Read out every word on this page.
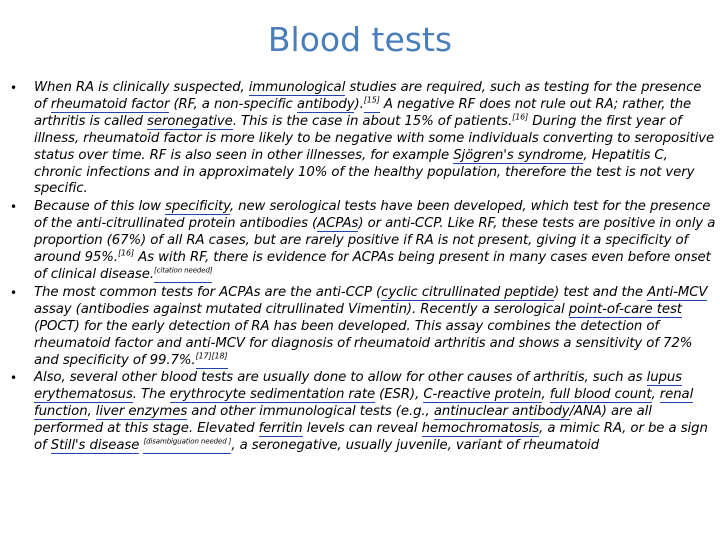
Blood tests
• When RA is clinically suspected, immunological studies are required, such as testing for the presence of rheumatoid factor (RF, a non-specific antibody).[15] A negative RF does not rule out RA; rather, the arthritis is called seronegative. This is the case in about 15% of patients.[16] During the first year of illness, rheumatoid factor is more likely to be negative with some individuals converting to seropositive status over time. RF is also seen in other illnesses, for example Sjögren's syndrome, Hepatitis C, chronic infections and in approximately 10% of the healthy population, therefore the test is not very specific.
• Because of this low specificity, new serological tests have been developed, which test for the presence of the anti-citrullinated protein antibodies (ACPAs) or anti-CCP. Like RF, these tests are positive in only a proportion (67%) of all RA cases, but are rarely positive if RA is not present, giving it a specificity of around 95%.[16] As with RF, there is evidence for ACPAs being present in many cases even before onset of clinical disease.[citation needed]
• The most common tests for ACPAs are the anti-CCP (cyclic citrullinated peptide) test and the Anti-MCV assay (antibodies against mutated citrullinated Vimentin). Recently a serological point-of-care test (POCT) for the early detection of RA has been developed. This assay combines the detection of rheumatoid factor and anti-MCV for diagnosis of rheumatoid arthritis and shows a sensitivity of 72% and specificity of 99.7%.[17][18]
• Also, several other blood tests are usually done to allow for other causes of arthritis, such as lupus erythematosus. The erythrocyte sedimentation rate (ESR), C-reactive protein, full blood count, renal function, liver enzymes and other immunological tests (e.g., antinuclear antibody/ANA) are all performed at this stage. Elevated ferritin levels can reveal hemochromatosis, a mimic RA, or be a sign of Still's disease [disambiguation needed ], a seronegative, usually juvenile, variant of rheumatoid
